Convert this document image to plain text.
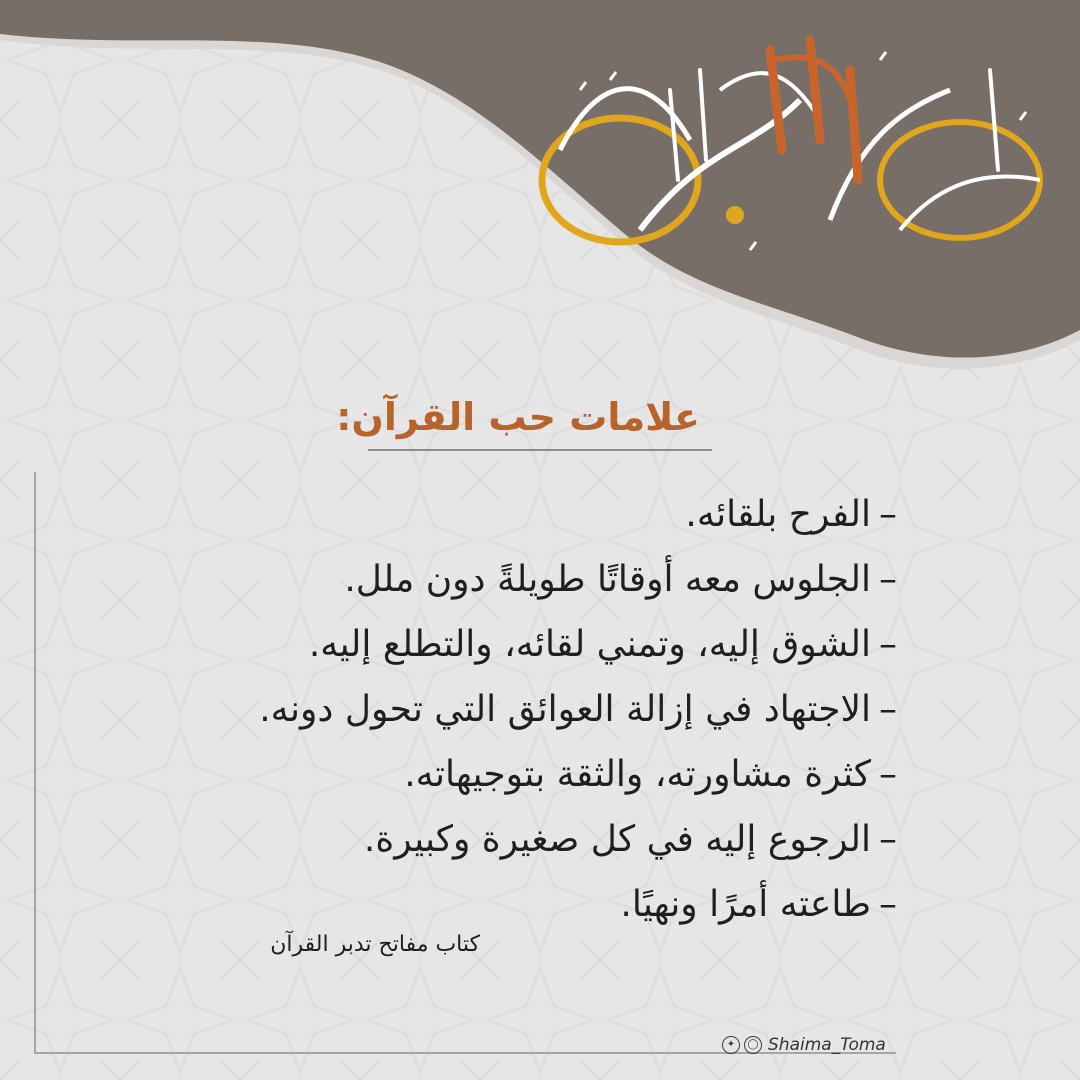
علامات حب القرآن:
–الفرح بلقائه.
–الجلوس معه أوقاتًا طويلةً دون ملل.
–الشوق إليه، وتمني لقائه، والتطلع إليه.
–الاجتهاد في إزالة العوائق التي تحول دونه.
–كثرة مشاورته، والثقة بتوجيهاته.
–الرجوع إليه في كل صغيرة وكبيرة.
–طاعته أمرًا ونهيًا.
كتاب مفاتح تدبر القرآن
✦	◯ Shaima_Toma
